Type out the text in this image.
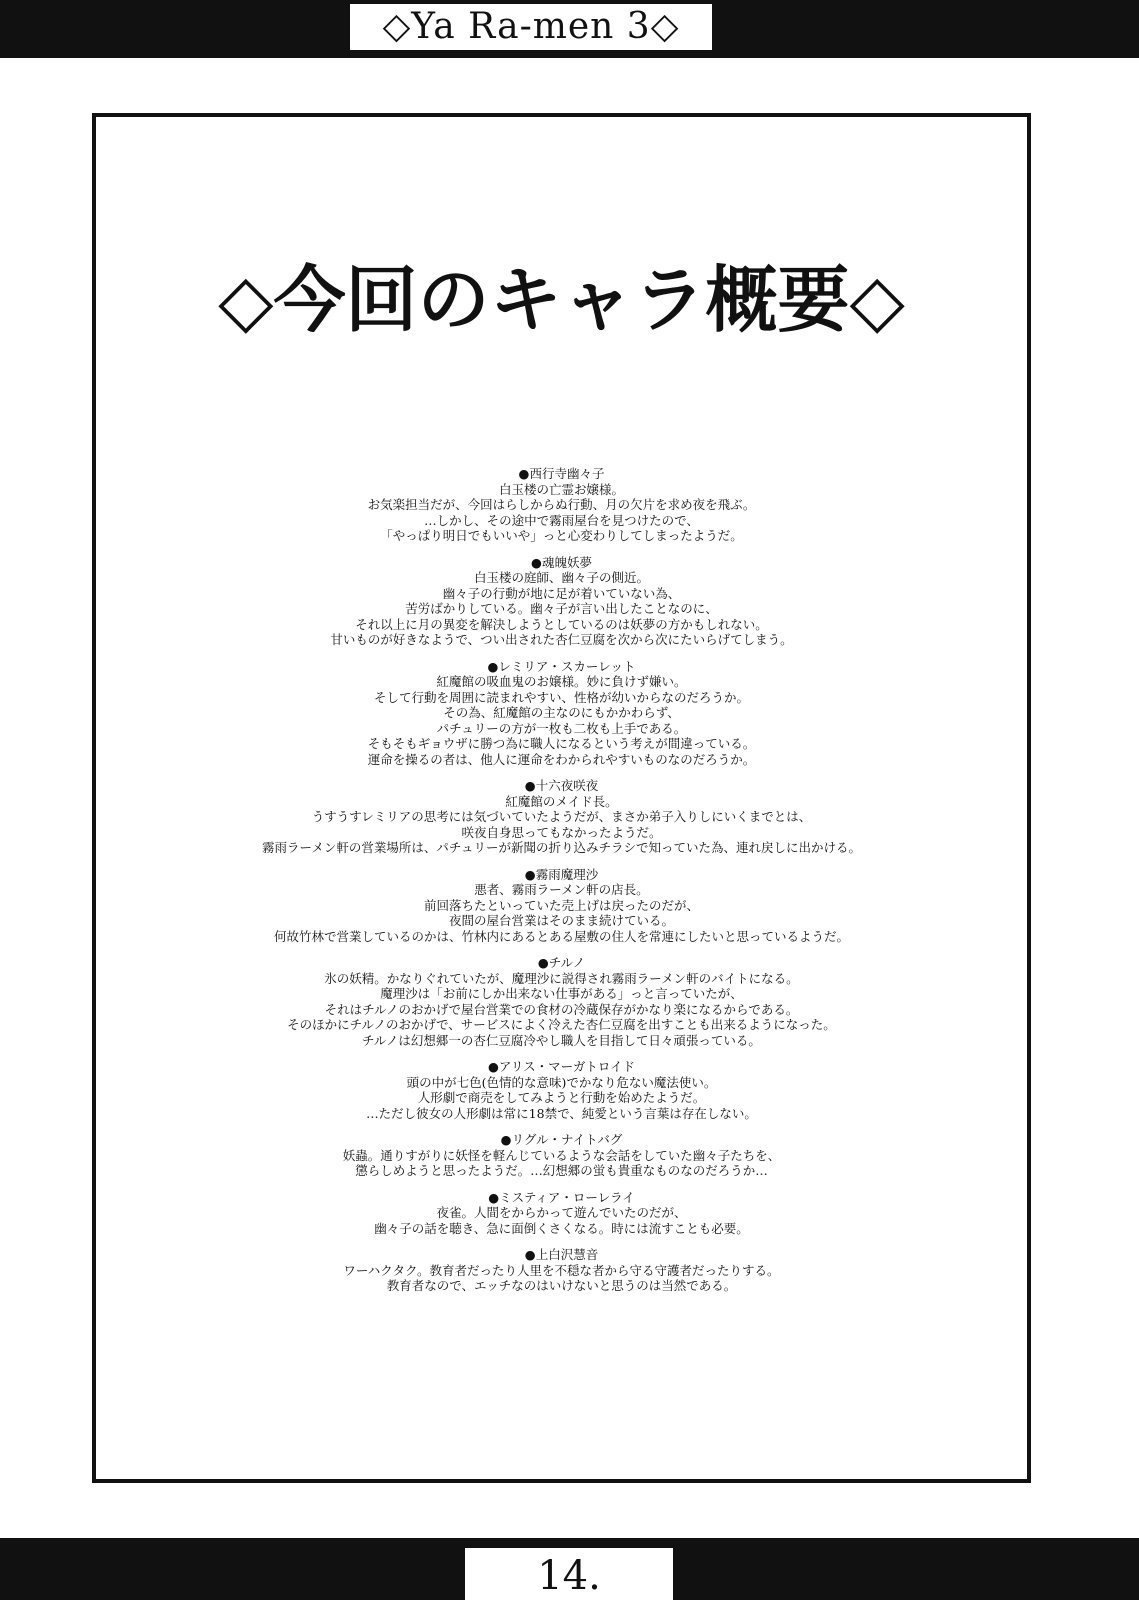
◇Ya Ra-men 3◇
◇今回のキャラ概要◇
●西行寺幽々子
白玉楼の亡霊お嬢様。
お気楽担当だが、今回はらしからぬ行動、月の欠片を求め夜を飛ぶ。
…しかし、その途中で霧雨屋台を見つけたので、
「やっぱり明日でもいいや」っと心変わりしてしまったようだ。
●魂魄妖夢
白玉楼の庭師、幽々子の側近。
幽々子の行動が地に足が着いていない為、
苦労ばかりしている。幽々子が言い出したことなのに、
それ以上に月の異変を解決しようとしているのは妖夢の方かもしれない。
甘いものが好きなようで、つい出された杏仁豆腐を次から次にたいらげてしまう。
●レミリア・スカーレット
紅魔館の吸血鬼のお嬢様。妙に負けず嫌い。
そして行動を周囲に読まれやすい、性格が幼いからなのだろうか。
その為、紅魔館の主なのにもかかわらず、
パチュリーの方が一枚も二枚も上手である。
そもそもギョウザに勝つ為に職人になるという考えが間違っている。
運命を操るの者は、他人に運命をわかられやすいものなのだろうか。
●十六夜咲夜
紅魔館のメイド長。
うすうすレミリアの思考には気づいていたようだが、まさか弟子入りしにいくまでとは、
咲夜自身思ってもなかったようだ。
霧雨ラーメン軒の営業場所は、パチュリーが新聞の折り込みチラシで知っていた為、連れ戻しに出かける。
●霧雨魔理沙
悪者、霧雨ラーメン軒の店長。
前回落ちたといっていた売上げは戻ったのだが、
夜間の屋台営業はそのまま続けている。
何故竹林で営業しているのかは、竹林内にあるとある屋敷の住人を常連にしたいと思っているようだ。
●チルノ
氷の妖精。かなりぐれていたが、魔理沙に説得され霧雨ラーメン軒のバイトになる。
魔理沙は「お前にしか出来ない仕事がある」っと言っていたが、
それはチルノのおかげで屋台営業での食材の冷蔵保存がかなり楽になるからである。
そのほかにチルノのおかげで、サービスによく冷えた杏仁豆腐を出すことも出来るようになった。
チルノは幻想郷一の杏仁豆腐冷やし職人を目指して日々頑張っている。
●アリス・マーガトロイド
頭の中が七色(色情的な意味)でかなり危ない魔法使い。
人形劇で商売をしてみようと行動を始めたようだ。
…ただし彼女の人形劇は常に18禁で、純愛という言葉は存在しない。
●リグル・ナイトバグ
妖蟲。通りすがりに妖怪を軽んじているような会話をしていた幽々子たちを、
懲らしめようと思ったようだ。…幻想郷の蛍も貴重なものなのだろうか…
●ミスティア・ローレライ
夜雀。人間をからかって遊んでいたのだが、
幽々子の話を聴き、急に面倒くさくなる。時には流すことも必要。
●上白沢慧音
ワーハクタク。教育者だったり人里を不穏な者から守る守護者だったりする。
教育者なので、エッチなのはいけないと思うのは当然である。
14.
